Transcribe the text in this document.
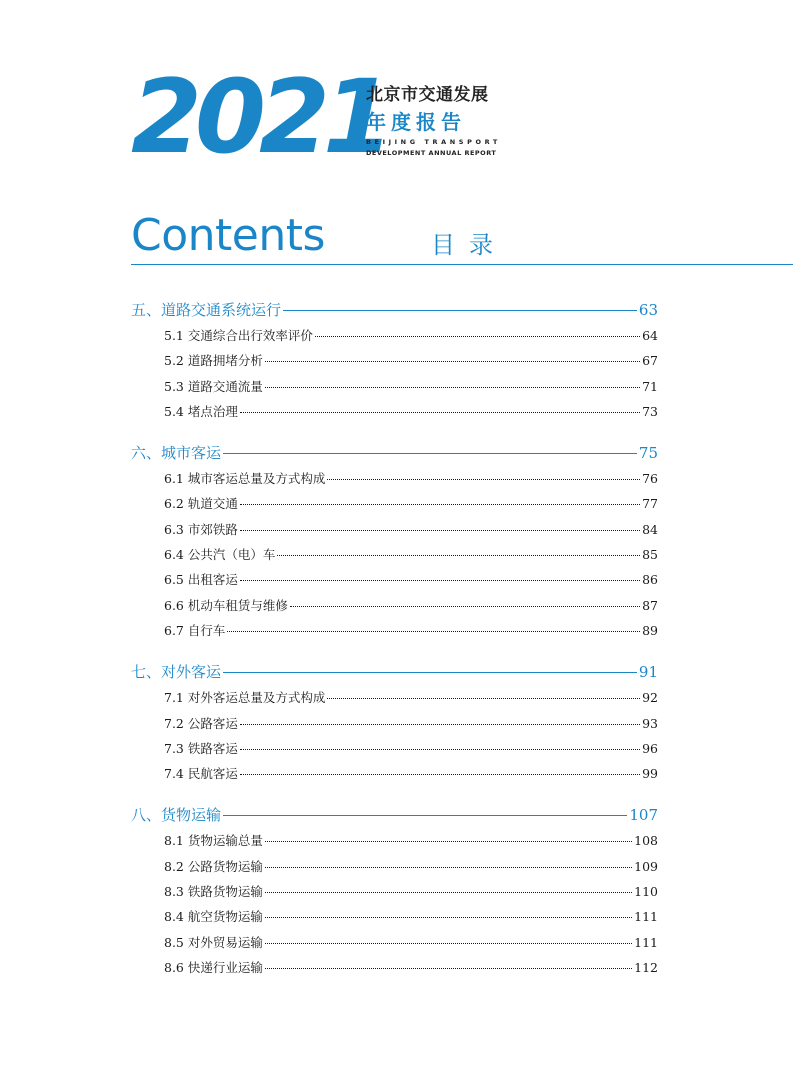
2021
北京市交通发展
年度报告
BEIJING TRANSPORT
DEVELOPMENT ANNUAL REPORT
Contents	目录
五、道路交通系统运行	63
5.1 交通综合出行效率评价	64
5.2 道路拥堵分析	67
5.3 道路交通流量	71
5.4 堵点治理	73
六、城市客运	75
6.1 城市客运总量及方式构成	76
6.2 轨道交通	77
6.3 市郊铁路	84
6.4 公共汽（电）车	85
6.5 出租客运	86
6.6 机动车租赁与维修	87
6.7 自行车	89
七、对外客运	91
7.1 对外客运总量及方式构成	92
7.2 公路客运	93
7.3 铁路客运	96
7.4 民航客运	99
八、货物运输	107
8.1 货物运输总量	108
8.2 公路货物运输	109
8.3 铁路货物运输	110
8.4 航空货物运输	111
8.5 对外贸易运输	111
8.6 快递行业运输	112
